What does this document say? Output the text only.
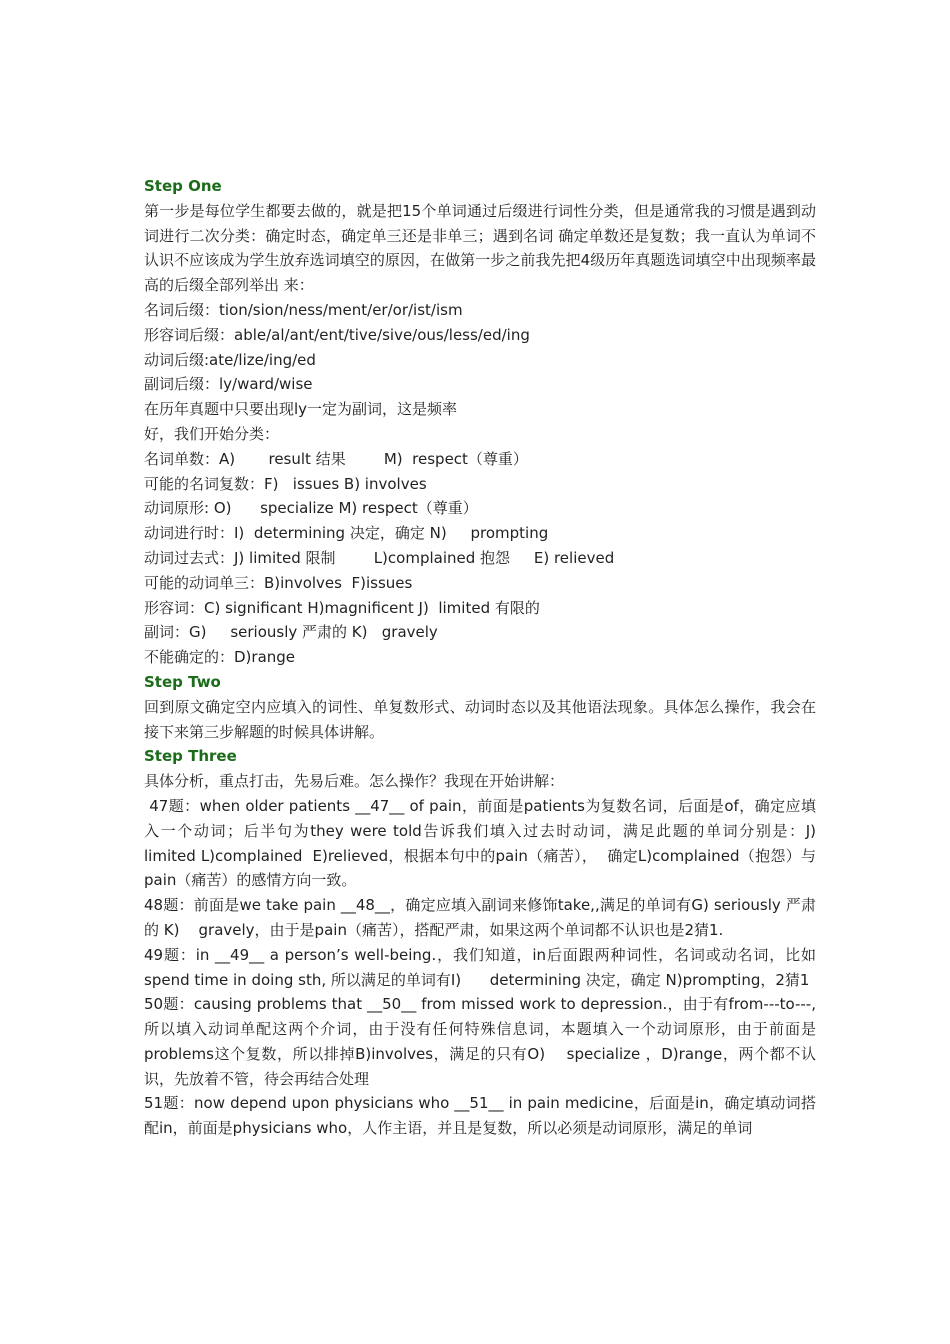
Step One

第一步是每位学生都要去做的，就是把15个单词通过后缀进行词性分类，但是通常我的习惯是遇到动词进行二次分类：确定时态，确定单三还是非单三；遇到名词 确定单数还是复数；我一直认为单词不认识不应该成为学生放弃选词填空的原因，在做第一步之前我先把4级历年真题选词填空中出现频率最高的后缀全部列举出 来：

名词后缀：tion/sion/ness/ment/er/or/ist/ism

形容词后缀：able/al/ant/ent/tive/sive/ous/less/ed/ing

动词后缀:ate/lize/ing/ed

副词后缀：ly/ward/wise

在历年真题中只要出现ly一定为副词，这是频率

好，我们开始分类：

名词单数：A)       result 结果        M)  respect（尊重）

可能的名词复数：F)   issues B) involves

动词原形: O)      specialize M) respect（尊重）

动词进行时：I)  determining 决定，确定 N)     prompting

动词过去式：J) limited 限制        L)complained 抱怨     E) relieved

可能的动词单三：B)involves  F)issues

形容词：C) significant H)magnificent J)  limited 有限的

副词：G)     seriously 严肃的 K)   gravely

不能确定的：D)range

Step Two

回到原文确定空内应填入的词性、单复数形式、动词时态以及其他语法现象。具体怎么操作，我会在接下来第三步解题的时候具体讲解。

Step Three

具体分析，重点打击，先易后难。怎么操作？我现在开始讲解：

47题：when older patients __47__ of pain，前面是patients为复数名词，后面是of，确定应填入一个动词；后半句为they were told告诉我们填入过去时动词，满足此题的单词分别是：J)       limited L)complained  E)relieved，根据本句中的pain（痛苦），  确定L)complained（抱怨）与pain（痛苦）的感情方向一致。

48题：前面是we take pain __48__，确定应填入副词来修饰take,,满足的单词有G) seriously 严肃的 K)    gravely，由于是pain（痛苦），搭配严肃，如果这两个单词都不认识也是2猜1.

49题：in __49__ a person’s well-being.，我们知道，in后面跟两种词性，名词或动名词，比如spend time in doing sth, 所以满足的单词有I)      determining 决定，确定 N)prompting，2猜1

50题：causing problems that __50__ from missed work to depression.，由于有from---to---,所以填入动词单配这两个介词，由于没有任何特殊信息词，本题填入一个动词原形，由于前面是 problems这个复数，所以排掉B)involves，满足的只有O)    specialize ，D)range，两个都不认识，先放着不管，待会再结合处理

51题：now depend upon physicians who __51__ in pain medicine，后面是in，确定填动词搭配in，前面是physicians who，人作主语，并且是复数，所以必须是动词原形，满足的单词
